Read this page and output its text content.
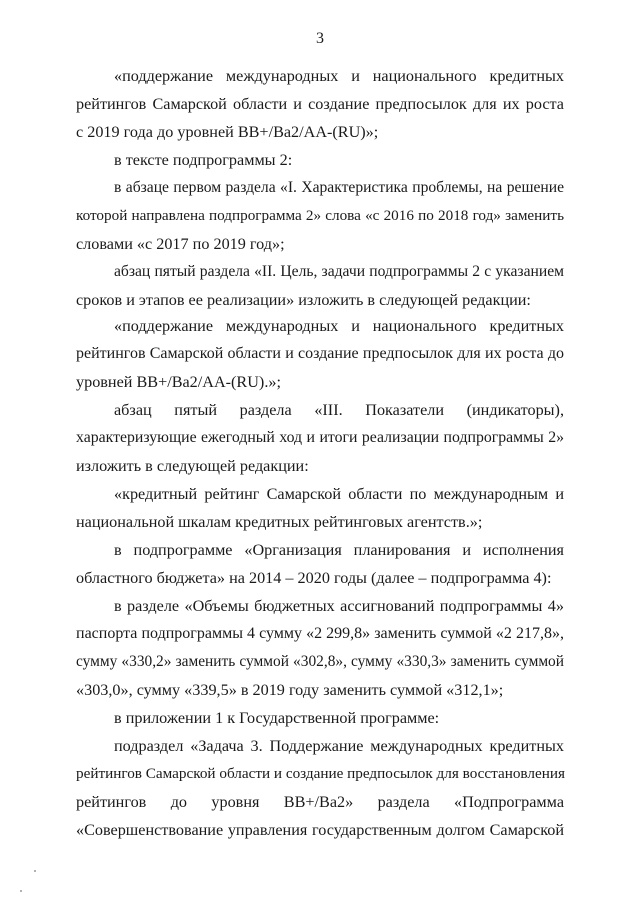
3
«поддержание международных и национального кредитных
рейтингов Самарской области и создание предпосылок для их роста
с 2019 года до уровней BB+/Ba2/AA-(RU)»;
в тексте подпрограммы 2:
в абзаце первом раздела «I. Характеристика проблемы, на решение
которой направлена подпрограмма 2» слова «с 2016 по 2018 год» заменить
словами «с 2017 по 2019 год»;
абзац пятый раздела «II. Цель, задачи подпрограммы 2 с указанием
сроков и этапов ее реализации» изложить в следующей редакции:
«поддержание международных и национального кредитных
рейтингов Самарской области и создание предпосылок для их роста до
уровней BB+/Ba2/AA-(RU).»;
абзац пятый раздела «III. Показатели (индикаторы),
характеризующие ежегодный ход и итоги реализации подпрограммы 2»
изложить в следующей редакции:
«кредитный рейтинг Самарской области по международным и
национальной шкалам кредитных рейтинговых агентств.»;
в подпрограмме «Организация планирования и исполнения
областного бюджета» на 2014 – 2020 годы (далее – подпрограмма 4):
в разделе «Объемы бюджетных ассигнований подпрограммы 4»
паспорта подпрограммы 4 сумму «2 299,8» заменить суммой «2 217,8»,
сумму «330,2» заменить суммой «302,8», сумму «330,3» заменить суммой
«303,0», сумму «339,5» в 2019 году заменить суммой «312,1»;
в приложении 1 к Государственной программе:
подраздел «Задача 3. Поддержание международных кредитных
рейтингов Самарской области и создание предпосылок для восстановления
рейтингов до уровня BB+/Ba2» раздела «Подпрограмма
«Совершенствование управления государственным долгом Самарской
